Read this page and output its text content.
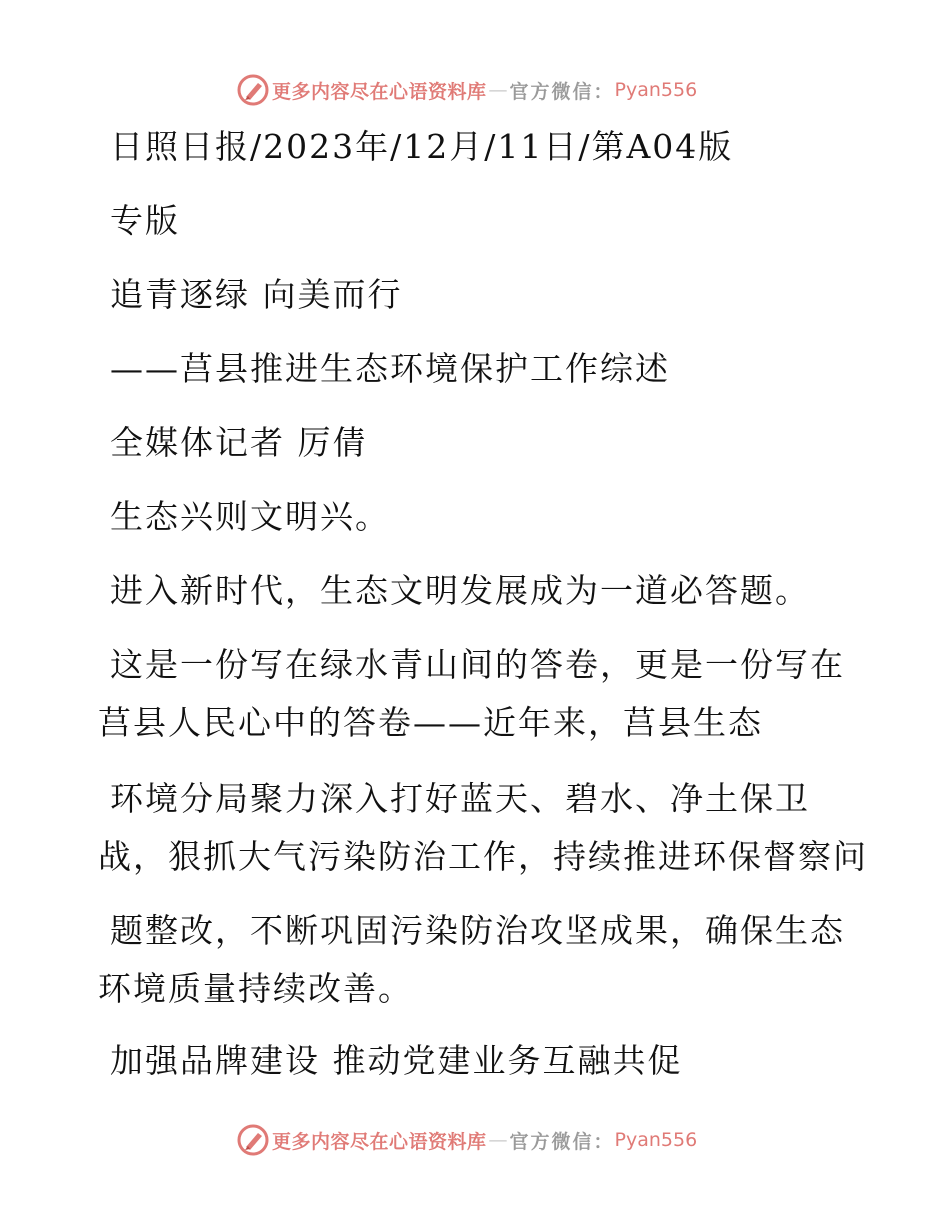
更多内容尽在心语资料库 — 官方微信： Pyan556
日照日报/2023年/12月/11日/第A04版
专版
追青逐绿 向美而行
——莒县推进生态环境保护工作综述
全媒体记者 厉倩
生态兴则文明兴。
进入新时代，生态文明发展成为一道必答题。
这是一份写在绿水青山间的答卷，更是一份写在
莒县人民心中的答卷——近年来，莒县生态
环境分局聚力深入打好蓝天、碧水、净土保卫
战，狠抓大气污染防治工作，持续推进环保督察问
题整改，不断巩固污染防治攻坚成果，确保生态
环境质量持续改善。
加强品牌建设 推动党建业务互融共促
更多内容尽在心语资料库 — 官方微信： Pyan556
